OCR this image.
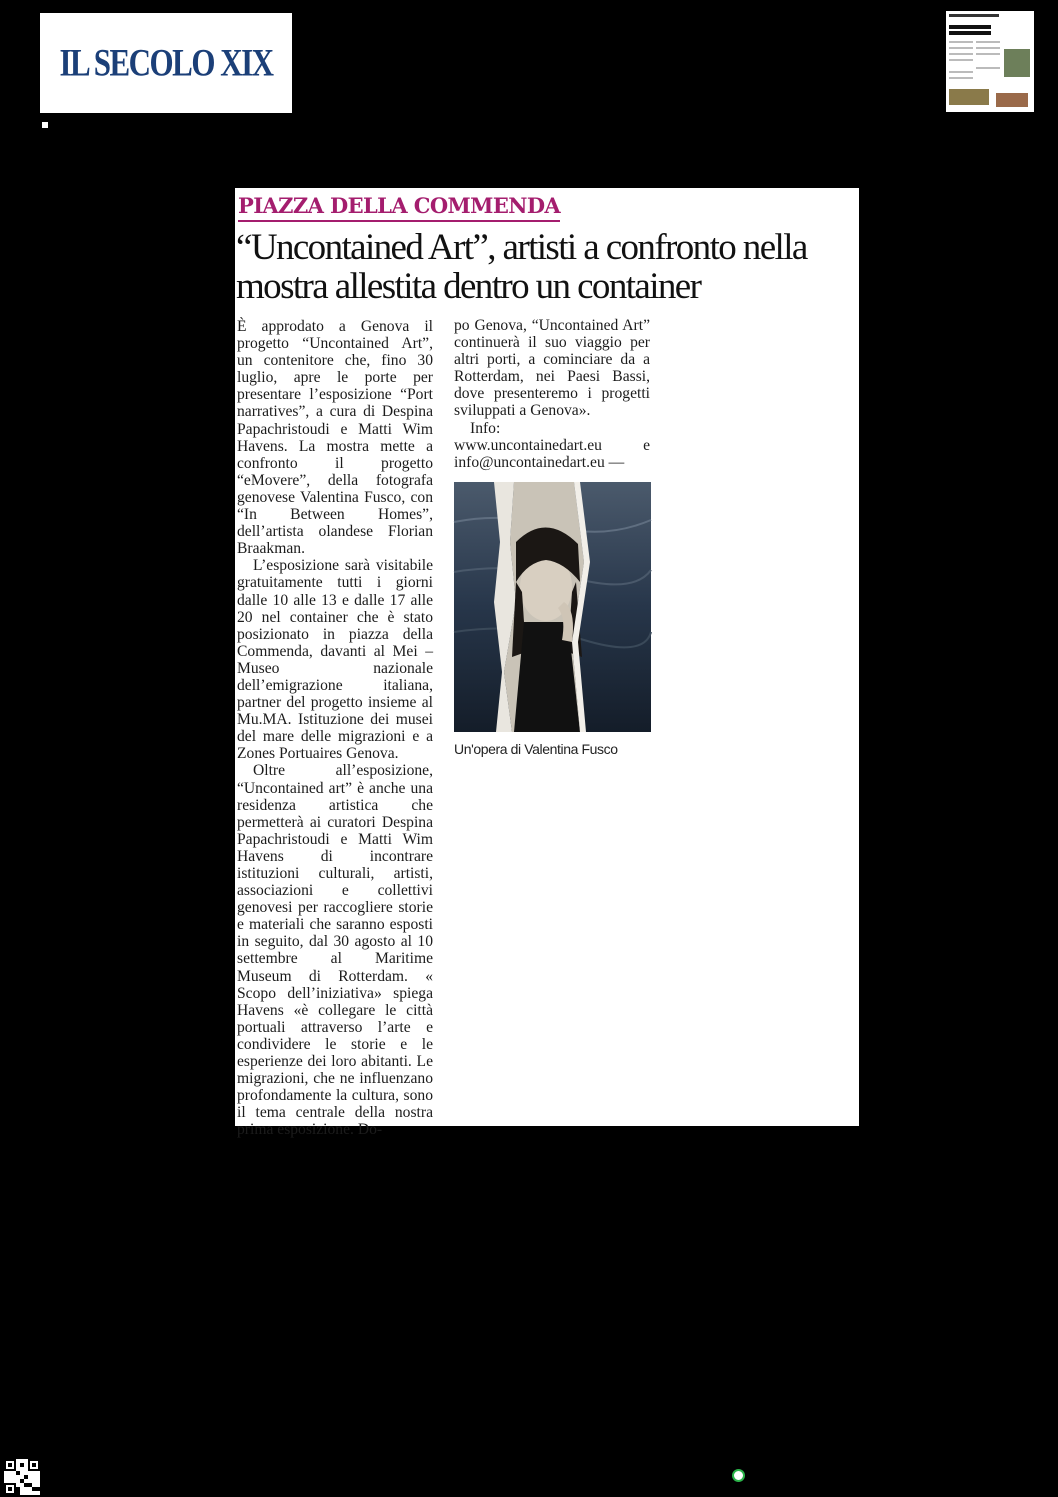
IL SECOLO XIX
PIAZZA DELLA COMMENDA
“Uncontained Art”, artisti a confronto nella mostra allestita dentro un container

È approdato a Genova il progetto “Uncontained Art”, un contenitore che, fino 30 luglio, apre le porte per presentare l’esposizione “Port narratives”, a cura di Despina Papachristoudi e Matti Wim Havens. La mostra mette a confronto il progetto “eMovere”, della fotografa genovese Valentina Fusco, con “In Between Homes”, dell’artista olandese Florian Braakman.

L’esposizione sarà visitabile gratuitamente tutti i giorni dalle 10 alle 13 e dalle 17 alle 20 nel container che è stato posizionato in piazza della Commenda, davanti al Mei – Museo nazionale dell’emigrazione italiana, partner del progetto insieme al Mu.MA. Istituzione dei musei del mare delle migrazioni e a Zones Portuaires Genova.

Oltre all’esposizione, “Uncontained art” è anche una residenza artistica che permetterà ai curatori Despina Papachristoudi e Matti Wim Havens di incontrare istituzioni culturali, artisti, associazioni e collettivi genovesi per raccogliere storie e materiali che saranno esposti in seguito, dal 30 agosto al 10 settembre al Maritime Museum di Rotterdam. « Scopo dell’iniziativa» spiega Havens «è collegare le città portuali attraverso l’arte e condividere le storie e le esperienze dei loro abitanti. Le migrazioni, che ne influenzano profondamente la cultura, sono il tema centrale della nostra prima esposizione. Do-

po Genova, “Uncontained Art” continuerà il suo viaggio per altri porti, a cominciare da a Rotterdam, nei Paesi Bassi, dove presenteremo i progetti sviluppati a Genova».

Info: www.uncontainedart.eu e info@uncontainedart.eu —

Un'opera di Valentina Fusco
